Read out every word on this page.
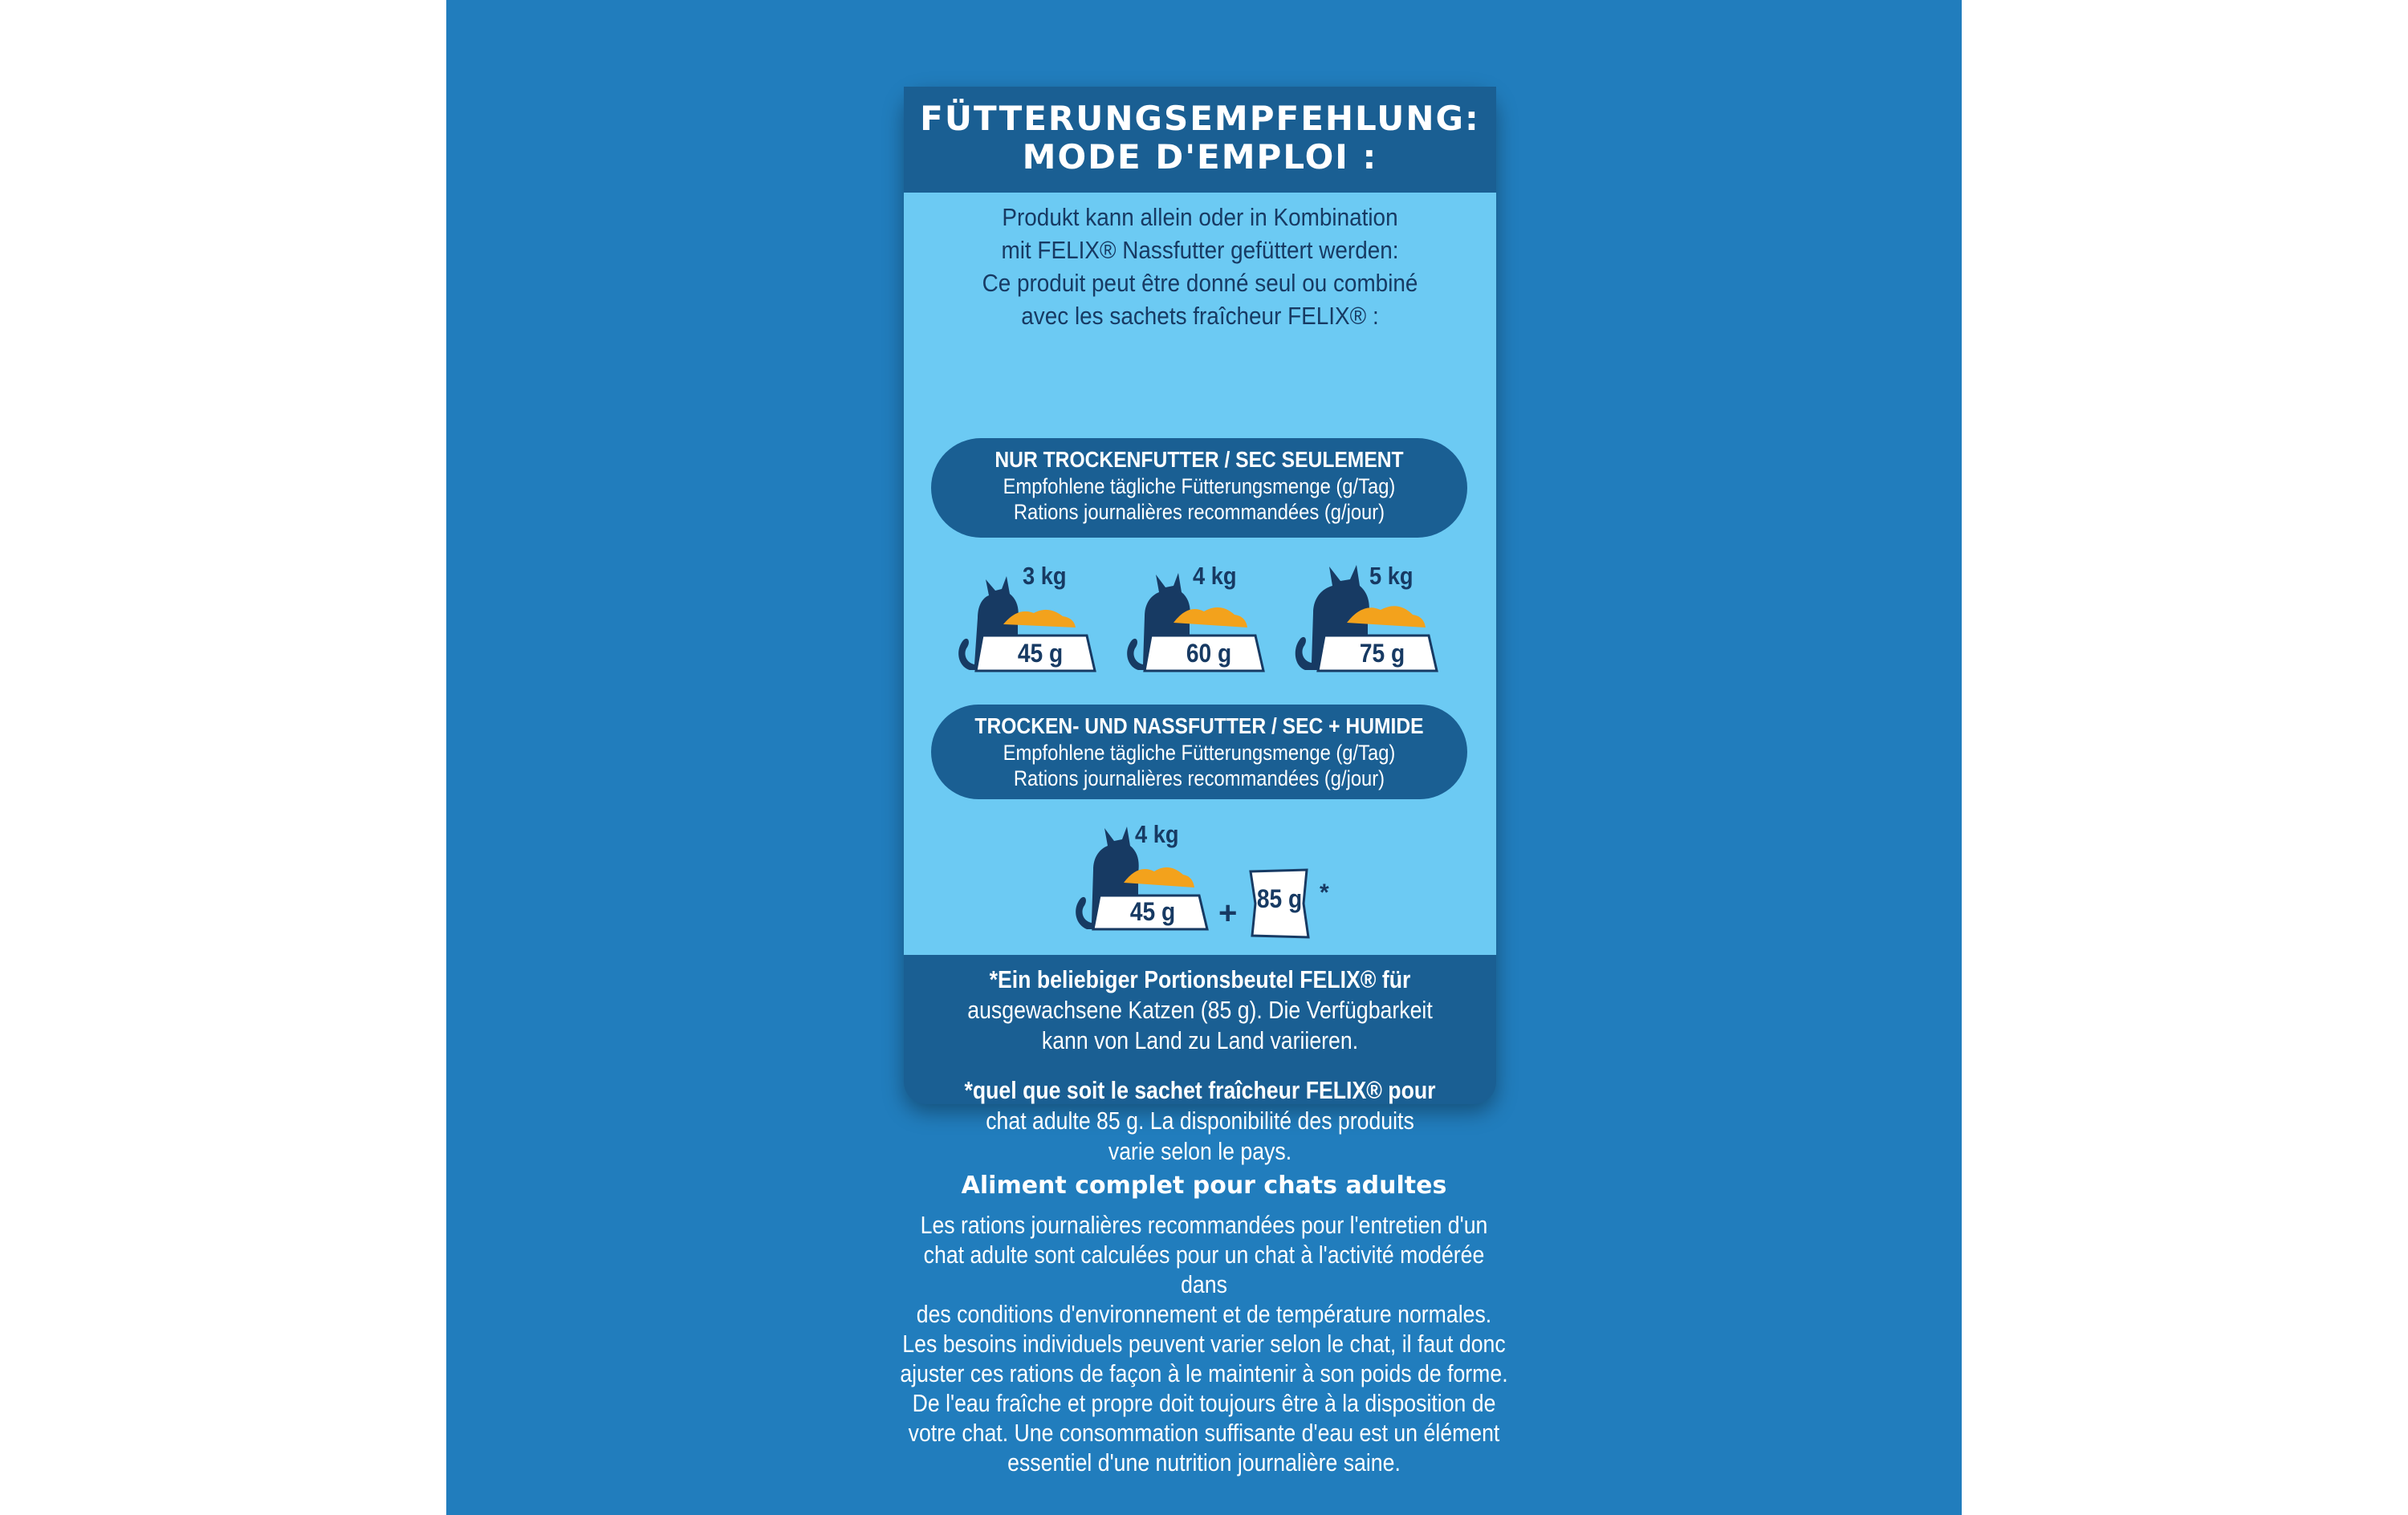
FÜTTERUNGSEMPFEHLUNG:
MODE D'EMPLOI :

Produkt kann allein oder in Kombination

mit FELIX® Nassfutter gefüttert werden:

Ce produit peut être donné seul ou combiné

avec les sachets fraîcheur FELIX® :

NUR TROCKENFUTTER / SEC SEULEMENT
Empfohlene tägliche Fütterungsmenge (g/Tag)
Rations journalières recommandées (g/jour)
3 kg
45 g
4 kg
60 g
5 kg
75 g
TROCKEN- UND NASSFUTTER / SEC + HUMIDE
Empfohlene tägliche Fütterungsmenge (g/Tag)
Rations journalières recommandées (g/jour)
4 kg
45 g	+ 85 g *

*Ein beliebiger Portionsbeutel FELIX® für

ausgewachsene Katzen (85 g). Die Verfügbarkeit

kann von Land zu Land variieren.

*quel que soit le sachet fraîcheur FELIX® pour

chat adulte 85 g. La disponibilité des produits

varie selon le pays.

Aliment complet pour chats adultes

Les rations journalières recommandées pour l'entretien d'un

chat adulte sont calculées pour un chat à l'activité modérée dans

des conditions d'environnement et de température normales.

Les besoins individuels peuvent varier selon le chat, il faut donc

ajuster ces rations de façon à le maintenir à son poids de forme.

De l'eau fraîche et propre doit toujours être à la disposition de

votre chat. Une consommation suffisante d'eau est un élément

essentiel d'une nutrition journalière saine.
